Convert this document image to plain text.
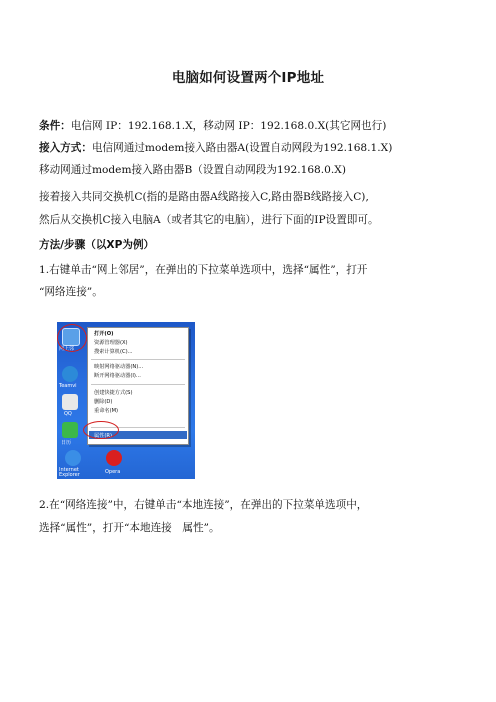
电脑如何设置两个IP地址
条件：电信网 IP：192.168.1.X，移动网 IP：192.168.0.X(其它网也行)
接入方式：电信网通过modem接入路由器A(设置自动网段为192.168.1.X)
移动网通过modem接入路由器B（设置自动网段为192.168.0.X)
接着接入共同交换机C(指的是路由器A线路接入C,路由器B线路接入C),
然后从交换机C接入电脑A（或者其它的电脑），进行下面的IP设置即可。
方法/步骤（以XP为例）
1.右键单击“网上邻居”，在弹出的下拉菜单选项中，选择“属性”，打开
“网络连接”。
网上邻
Teamvi
QQ
日历
Internet Explorer	Opera
打开(O)
资源管理器(X)
搜索计算机(C)...
映射网络驱动器(N)...
断开网络驱动器(I)...
创建快捷方式(S)
删除(D)
重命名(M)
属性(R)
2.在“网络连接”中，右键单击“本地连接”，在弹出的下拉菜单选项中，
选择“属性”，打开“本地连接　属性”。
